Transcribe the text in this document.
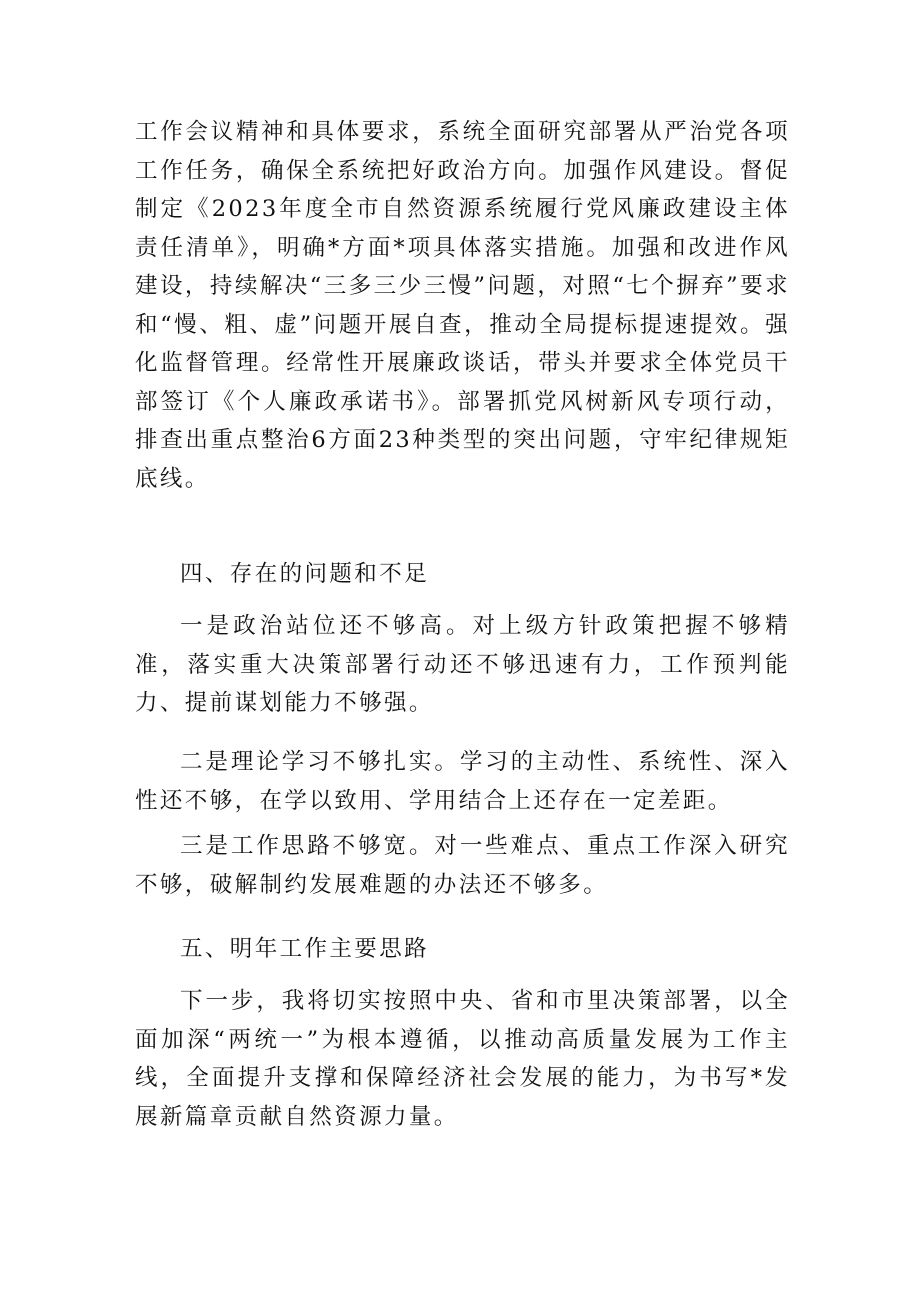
工作会议精神和具体要求，系统全面研究部署从严治党各项工作任务，确保全系统把好政治方向。加强作风建设。督促制定《2023年度全市自然资源系统履行党风廉政建设主体责任清单》，明确*方面*项具体落实措施。加强和改进作风建设，持续解决“三多三少三慢”问题，对照“七个摒弃”要求和“慢、粗、虚”问题开展自查，推动全局提标提速提效。强化监督管理。经常性开展廉政谈话，带头并要求全体党员干部签订《个人廉政承诺书》。部署抓党风树新风专项行动，排查出重点整治6方面23种类型的突出问题，守牢纪律规矩底线。

四、存在的问题和不足

一是政治站位还不够高。对上级方针政策把握不够精准，落实重大决策部署行动还不够迅速有力，工作预判能力、提前谋划能力不够强。

二是理论学习不够扎实。学习的主动性、系统性、深入性还不够，在学以致用、学用结合上还存在一定差距。

三是工作思路不够宽。对一些难点、重点工作深入研究不够，破解制约发展难题的办法还不够多。

五、明年工作主要思路

下一步，我将切实按照中央、省和市里决策部署，以全面加深“两统一”为根本遵循，以推动高质量发展为工作主线，全面提升支撑和保障经济社会发展的能力，为书写*发展新篇章贡献自然资源力量。
